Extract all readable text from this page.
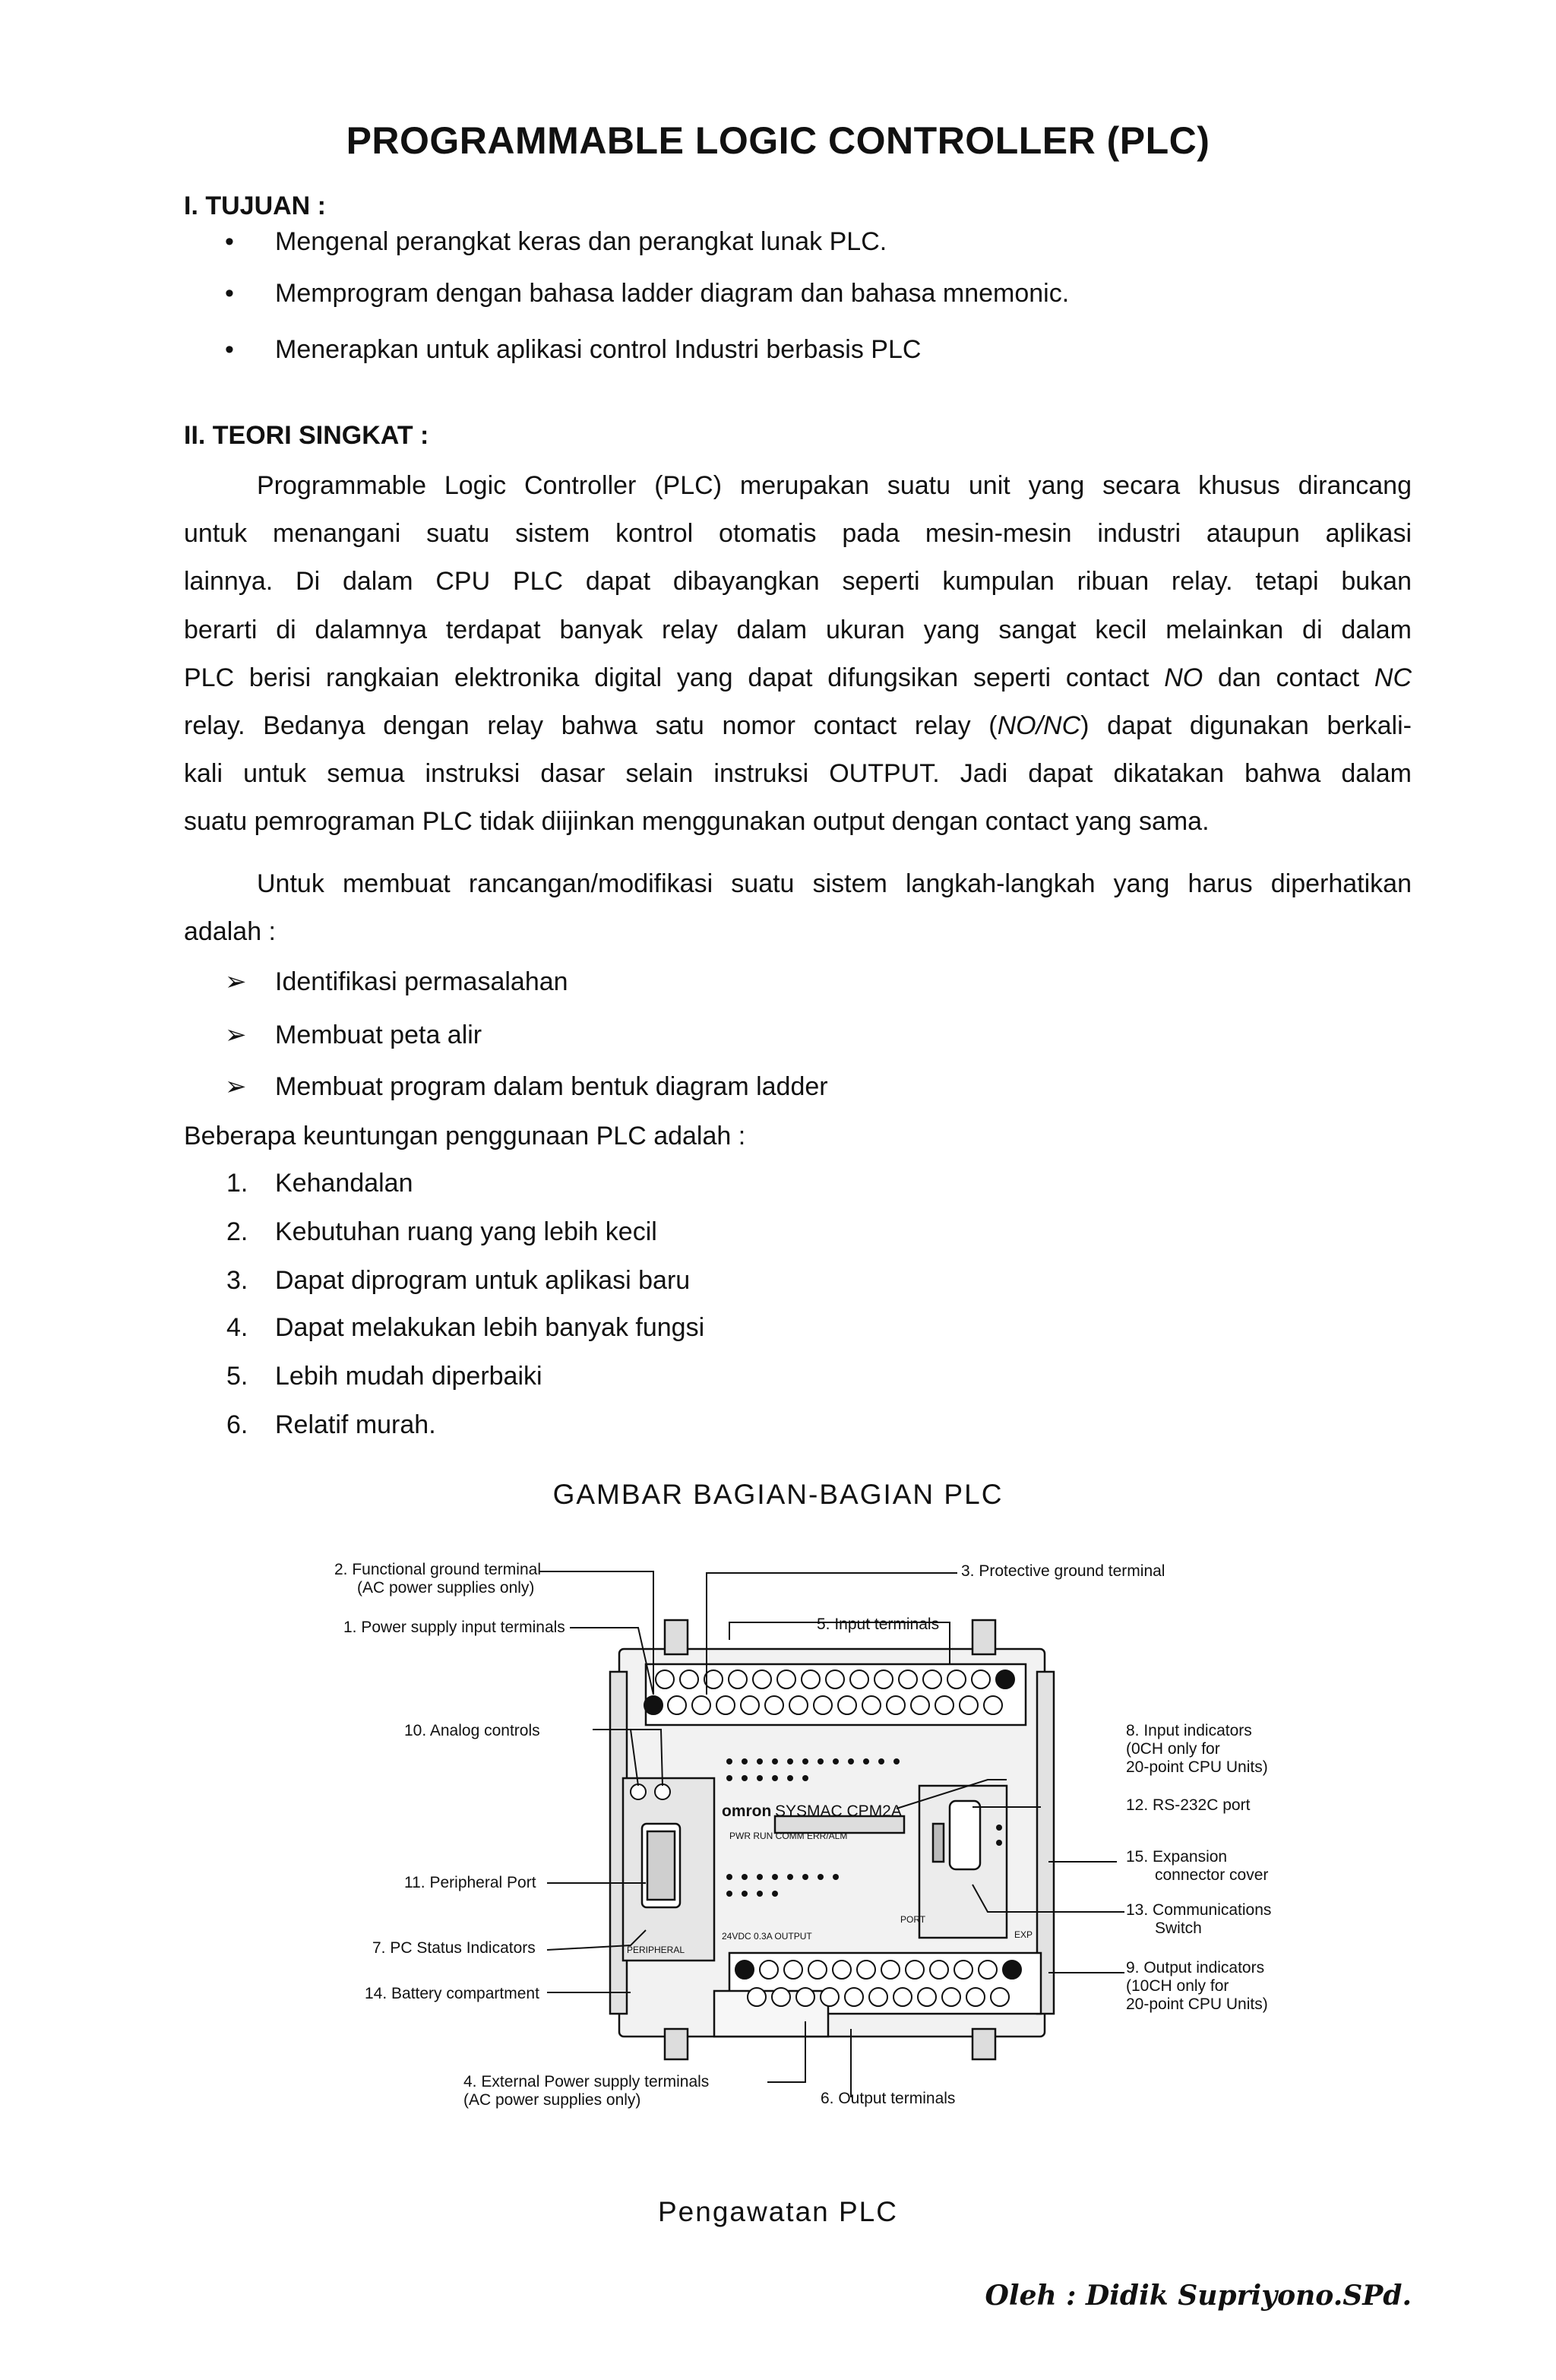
PROGRAMMABLE LOGIC CONTROLLER (PLC)
I. TUJUAN :
•	Mengenal perangkat keras dan perangkat lunak PLC.
•	Memprogram dengan bahasa ladder diagram dan bahasa mnemonic.
•	Menerapkan untuk aplikasi control Industri berbasis PLC
II. TEORI SINGKAT :
Programmable Logic Controller (PLC) merupakan suatu unit yang secara khusus dirancang
untuk menangani suatu sistem kontrol otomatis pada mesin-mesin industri ataupun aplikasi
lainnya. Di dalam CPU PLC dapat dibayangkan seperti kumpulan ribuan relay. tetapi bukan
berarti di dalamnya terdapat banyak relay dalam ukuran yang sangat kecil melainkan di dalam
PLC berisi rangkaian elektronika digital yang dapat difungsikan seperti contact NO dan contact NC
relay. Bedanya dengan relay bahwa satu nomor contact relay (NO/NC) dapat digunakan berkali-
kali untuk semua instruksi dasar selain instruksi OUTPUT. Jadi dapat dikatakan bahwa dalam
suatu pemrograman PLC tidak diijinkan menggunakan output dengan contact yang sama.
Untuk membuat rancangan/modifikasi suatu sistem langkah-langkah yang harus diperhatikan
adalah :
➢	Identifikasi permasalahan
➢	Membuat peta alir
➢	Membuat program dalam bentuk diagram ladder
Beberapa keuntungan penggunaan PLC adalah :
1. Kehandalan
2. Kebutuhan ruang yang lebih kecil
3. Dapat diprogram untuk aplikasi baru
4. Dapat melakukan lebih banyak fungsi
5. Lebih mudah diperbaiki
6. Relatif murah.
GAMBAR BAGIAN-BAGIAN PLC
omron SYSMAC CPM2A
PWR RUN COMM ERR/ALM
PORT
PERIPHERAL
EXP
24VDC 0.3A OUTPUT
2. Functional ground terminal
(AC power supplies only)
3. Protective ground terminal
1. Power supply input terminals	5. Input terminals
10. Analog controls	8. Input indicators
(0CH only for
20-point CPU Units)
12. RS-232C port
15. Expansion
connector cover
11. Peripheral Port
13. Communications
Switch
7. PC Status Indicators
9. Output indicators
(10CH only for
20-point CPU Units)
14. Battery compartment
4. External Power supply terminals
(AC power supplies only)	6. Output terminals
Pengawatan PLC
Oleh : Didik Supriyono.SPd.
